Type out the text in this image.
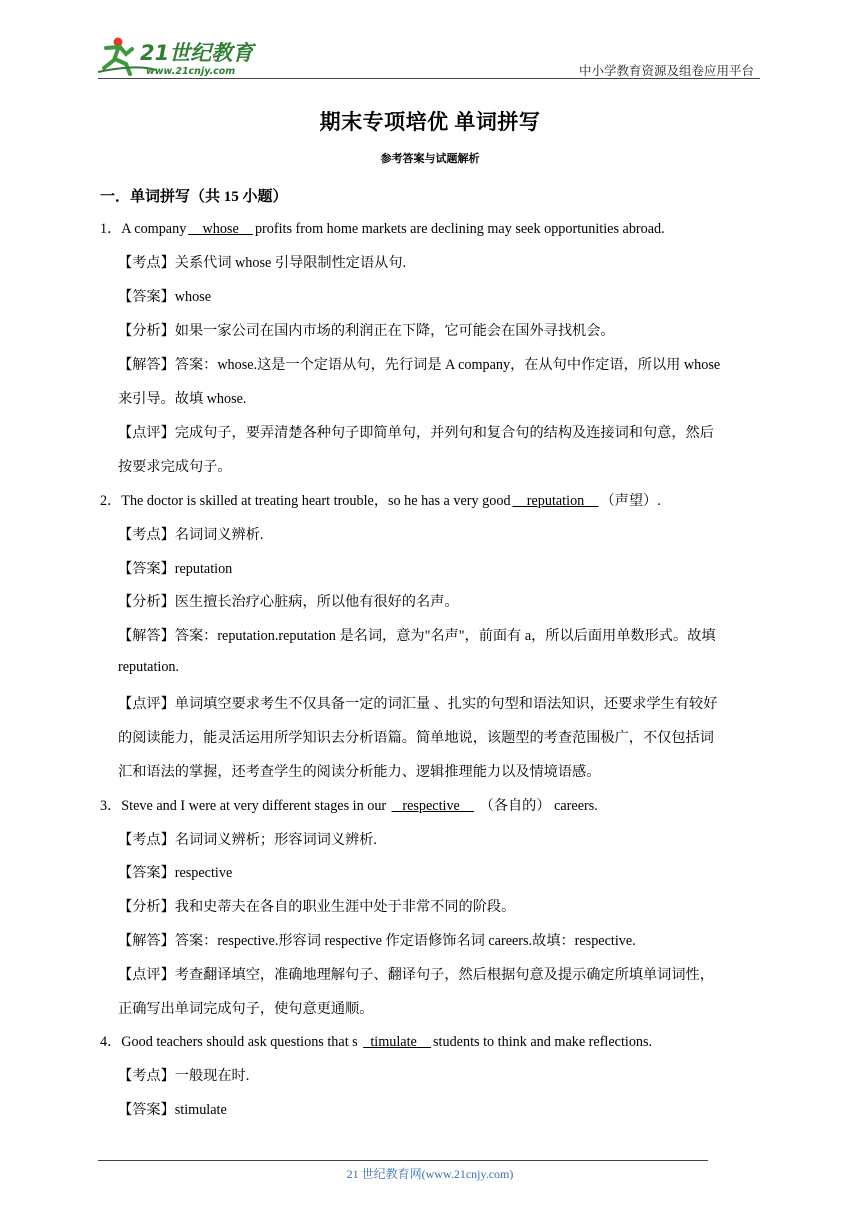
21世纪教育
www.21cnjy.com	中小学教育资源及组卷应用平台
期末专项培优 单词拼写
参考答案与试题解析
一．单词拼写（共 15 小题）
1．A company whose profits from home markets are declining may seek opportunities abroad.
【考点】关系代词 whose 引导限制性定语从句.
【答案】whose
【分析】如果一家公司在国内市场的利润正在下降，它可能会在国外寻找机会。
【解答】答案：whose.这是一个定语从句，先行词是 A company，在从句中作定语，所以用 whose
来引导。故填 whose.
【点评】完成句子，要弄清楚各种句子即简单句，并列句和复合句的结构及连接词和句意，然后
按要求完成句子。
2．The doctor is skilled at treating heart trouble，so he has a very good reputation （声望）.
【考点】名词词义辨析.
【答案】reputation
【分析】医生擅长治疗心脏病，所以他有很好的名声。
【解答】答案：reputation.reputation 是名词，意为"名声"，前面有 a，所以后面用单数形式。故填
reputation.
【点评】单词填空要求考生不仅具备一定的词汇量 、扎实的句型和语法知识，还要求学生有较好
的阅读能力，能灵活运用所学知识去分析语篇。简单地说，该题型的考查范围极广，不仅包括词
汇和语法的掌握，还考查学生的阅读分析能力、逻辑推理能力以及情境语感。
3．Steve and I were at very different stages in our respective （各自的） careers.
【考点】名词词义辨析；形容词词义辨析.
【答案】respective
【分析】我和史蒂夫在各自的职业生涯中处于非常不同的阶段。
【解答】答案：respective.形容词 respective 作定语修饰名词 careers.故填：respective.
【点评】考查翻译填空，准确地理解句子、翻译句子，然后根据句意及提示确定所填单词词性，
正确写出单词完成句子，使句意更通顺。
4．Good teachers should ask questions that s timulate students to think and make reflections.
【考点】一般现在时.
【答案】stimulate
21 世纪教育网(www.21cnjy.com)
